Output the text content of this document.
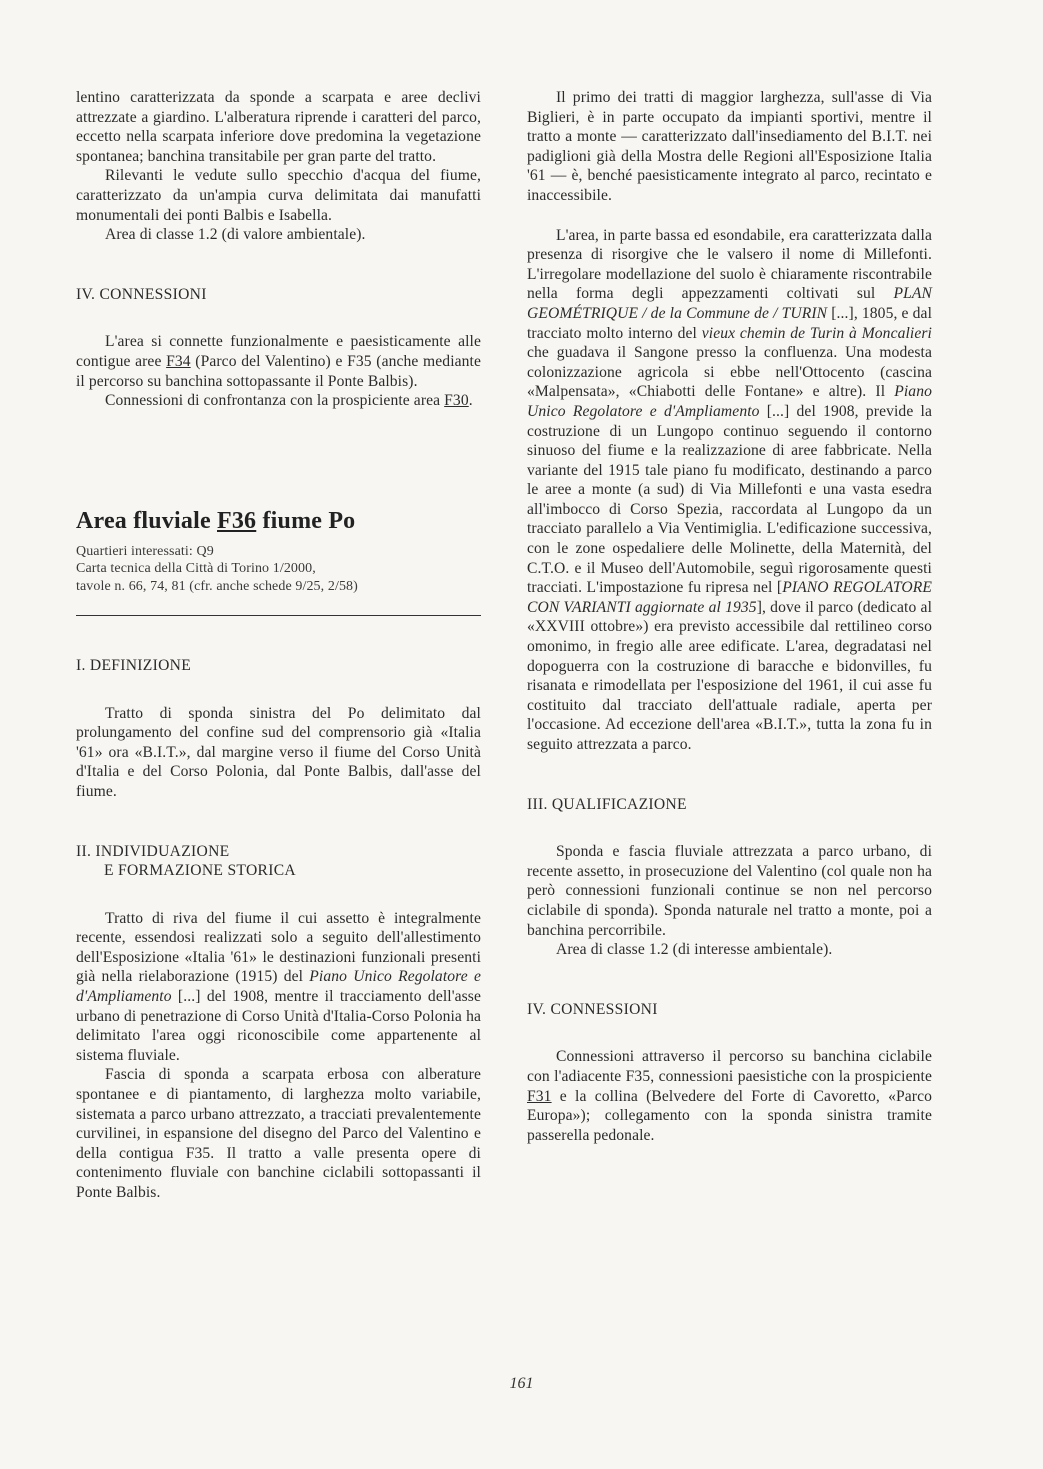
lentino caratterizzata da sponde a scarpata e aree declivi attrezzate a giardino. L'alberatura riprende i caratteri del parco, eccetto nella scarpata inferiore dove predomina la vegetazione spontanea; banchina transitabile per gran parte del tratto.

Rilevanti le vedute sullo specchio d'acqua del fiume, caratterizzato da un'ampia curva delimitata dai manufatti monumentali dei ponti Balbis e Isabella.

Area di classe 1.2 (di valore ambientale).

IV. CONNESSIONI

L'area si connette funzionalmente e paesisticamente alle contigue aree F34 (Parco del Valentino) e F35 (anche mediante il percorso su banchina sottopassante il Ponte Balbis).

Connessioni di confrontanza con la prospiciente area F30.

Area fluviale F36 fiume Po

Quartieri interessati: Q9

Carta tecnica della Città di Torino 1/2000,

tavole n. 66, 74, 81 (cfr. anche schede 9/25, 2/58)

I. DEFINIZIONE

Tratto di sponda sinistra del Po delimitato dal prolungamento del confine sud del comprensorio già «Italia '61» ora «B.I.T.», dal margine verso il fiume del Corso Unità d'Italia e del Corso Polonia, dal Ponte Balbis, dall'asse del fiume.

II. INDIVIDUAZIONE

E FORMAZIONE STORICA

Tratto di riva del fiume il cui assetto è integralmente recente, essendosi realizzati solo a seguito dell'allestimento dell'Esposizione «Italia '61» le destinazioni funzionali presenti già nella rielaborazione (1915) del Piano Unico Regolatore e d'Ampliamento [...] del 1908, mentre il tracciamento dell'asse urbano di penetrazione di Corso Unità d'Italia-Corso Polonia ha delimitato l'area oggi riconoscibile come appartenente al sistema fluviale.

Fascia di sponda a scarpata erbosa con alberature spontanee e di piantamento, di larghezza molto variabile, sistemata a parco urbano attrezzato, a tracciati prevalentemente curvilinei, in espansione del disegno del Parco del Valentino e della contigua F35. Il tratto a valle presenta opere di contenimento fluviale con banchine ciclabili sottopassanti il Ponte Balbis.

Il primo dei tratti di maggior larghezza, sull'asse di Via Biglieri, è in parte occupato da impianti sportivi, mentre il tratto a monte — caratterizzato dall'insediamento del B.I.T. nei padiglioni già della Mostra delle Regioni all'Esposizione Italia '61 — è, benché paesisticamente integrato al parco, recintato e inaccessibile.

L'area, in parte bassa ed esondabile, era caratterizzata dalla presenza di risorgive che le valsero il nome di Millefonti. L'irregolare modellazione del suolo è chiaramente riscontrabile nella forma degli appezzamenti coltivati sul PLAN GEOMÉTRIQUE / de la Commune de / TURIN [...], 1805, e dal tracciato molto interno del vieux chemin de Turin à Moncalieri che guadava il Sangone presso la confluenza. Una modesta colonizzazione agricola si ebbe nell'Ottocento (cascina «Malpensata», «Chiabotti delle Fontane» e altre). Il Piano Unico Regolatore e d'Ampliamento [...] del 1908, previde la costruzione di un Lungopo continuo seguendo il contorno sinuoso del fiume e la realizzazione di aree fabbricate. Nella variante del 1915 tale piano fu modificato, destinando a parco le aree a monte (a sud) di Via Millefonti e una vasta esedra all'imbocco di Corso Spezia, raccordata al Lungopo da un tracciato parallelo a Via Ventimiglia. L'edificazione successiva, con le zone ospedaliere delle Molinette, della Maternità, del C.T.O. e il Museo dell'Automobile, seguì rigorosamente questi tracciati. L'impostazione fu ripresa nel [PIANO REGOLATORE CON VARIANTI aggiornate al 1935], dove il parco (dedicato al «XXVIII ottobre») era previsto accessibile dal rettilineo corso omonimo, in fregio alle aree edificate. L'area, degradatasi nel dopoguerra con la costruzione di baracche e bidonvilles, fu risanata e rimodellata per l'esposizione del 1961, il cui asse fu costituito dal tracciato dell'attuale radiale, aperta per l'occasione. Ad eccezione dell'area «B.I.T.», tutta la zona fu in seguito attrezzata a parco.

III. QUALIFICAZIONE

Sponda e fascia fluviale attrezzata a parco urbano, di recente assetto, in prosecuzione del Valentino (col quale non ha però connessioni funzionali continue se non nel percorso ciclabile di sponda). Sponda naturale nel tratto a monte, poi a banchina percorribile.

Area di classe 1.2 (di interesse ambientale).

IV. CONNESSIONI

Connessioni attraverso il percorso su banchina ciclabile con l'adiacente F35, connessioni paesistiche con la prospiciente F31 e la collina (Belvedere del Forte di Cavoretto, «Parco Europa»); collegamento con la sponda sinistra tramite passerella pedonale.

161
